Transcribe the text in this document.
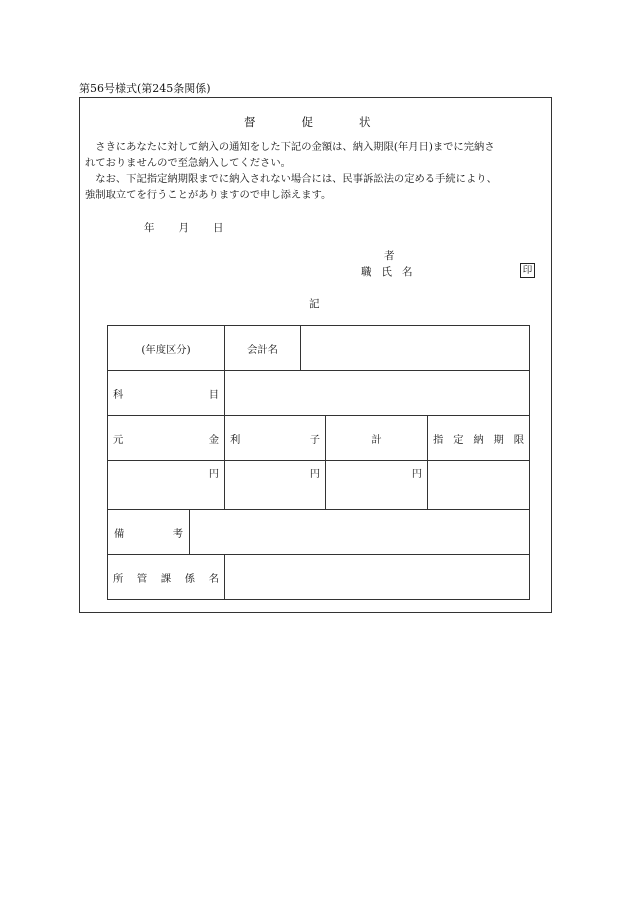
第56号様式(第245条関係)
督	促	状

　さきにあなたに対して納入の通知をした下記の金額は、納入期限(年月日)までに完納さ

れておりませんので至急納入してください。

　なお、下記指定納期限までに納入されない場合には、民事訴訟法の定める手続により、

強制取立てを行うことがありますので申し添えます。

年 月 日
者
職 氏 名	印
記
(年度区分)		会計名			

科 目					

元 金		利 子		計	指 定 納 期 限

円		円		円	

備 考					

所 管 課 係 名					
